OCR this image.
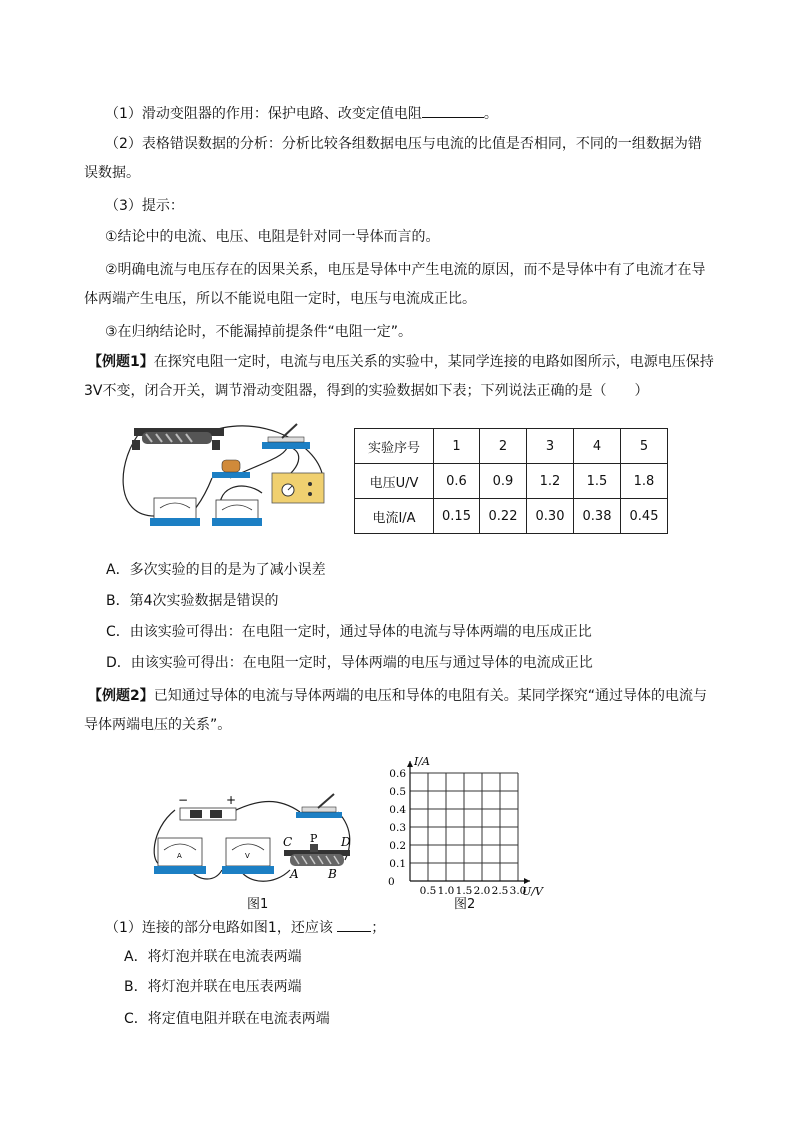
（1）滑动变阻器的作用：保护电路、改变定值电阻	。
（2）表格错误数据的分析：分析比较各组数据电压与电流的比值是否相同，不同的一组数据为错误数据。
（3）提示：
①结论中的电流、电压、电阻是针对同一导体而言的。
②明确电流与电压存在的因果关系，电压是导体中产生电流的原因，而不是导体中有了电流才在导体两端产生电压，所以不能说电阻一定时，电压与电流成正比。
③在归纳结论时，不能漏掉前提条件“电阻一定”。
【例题1】在探究电阻一定时，电流与电压关系的实验中，某同学连接的电路如图所示，电源电压保持3V不变，闭合开关，调节滑动变阻器，得到的实验数据如下表；下列说法正确的是（　　）
实验序号	1	2	3	4	5
电压U/V	0.6	0.9	1.2	1.5	1.8
电流I/A	0.15	0.22	0.30	0.38	0.45
A．多次实验的目的是为了减小误差
B．第4次实验数据是错误的
C．由该实验可得出：在电阻一定时，通过导体的电流与导体两端的电压成正比
D．由该实验可得出：在电阻一定时，导体两端的电压与通过导体的电流成正比
【例题2】已知通过导体的电流与导体两端的电压和导体的电阻有关。某同学探究“通过导体的电流与导体两端电压的关系”。
−	+
A	V
C P D
A B
图1
0.5 1.0 1.5 2.0 2.5 3.0
0.1
0.2
0.3
0.4
0.5
0.6
0
I/A
U/V
图2
（1）连接的部分电路如图1，还应该	；
A．将灯泡并联在电流表两端
B．将灯泡并联在电压表两端
C．将定值电阻并联在电流表两端
